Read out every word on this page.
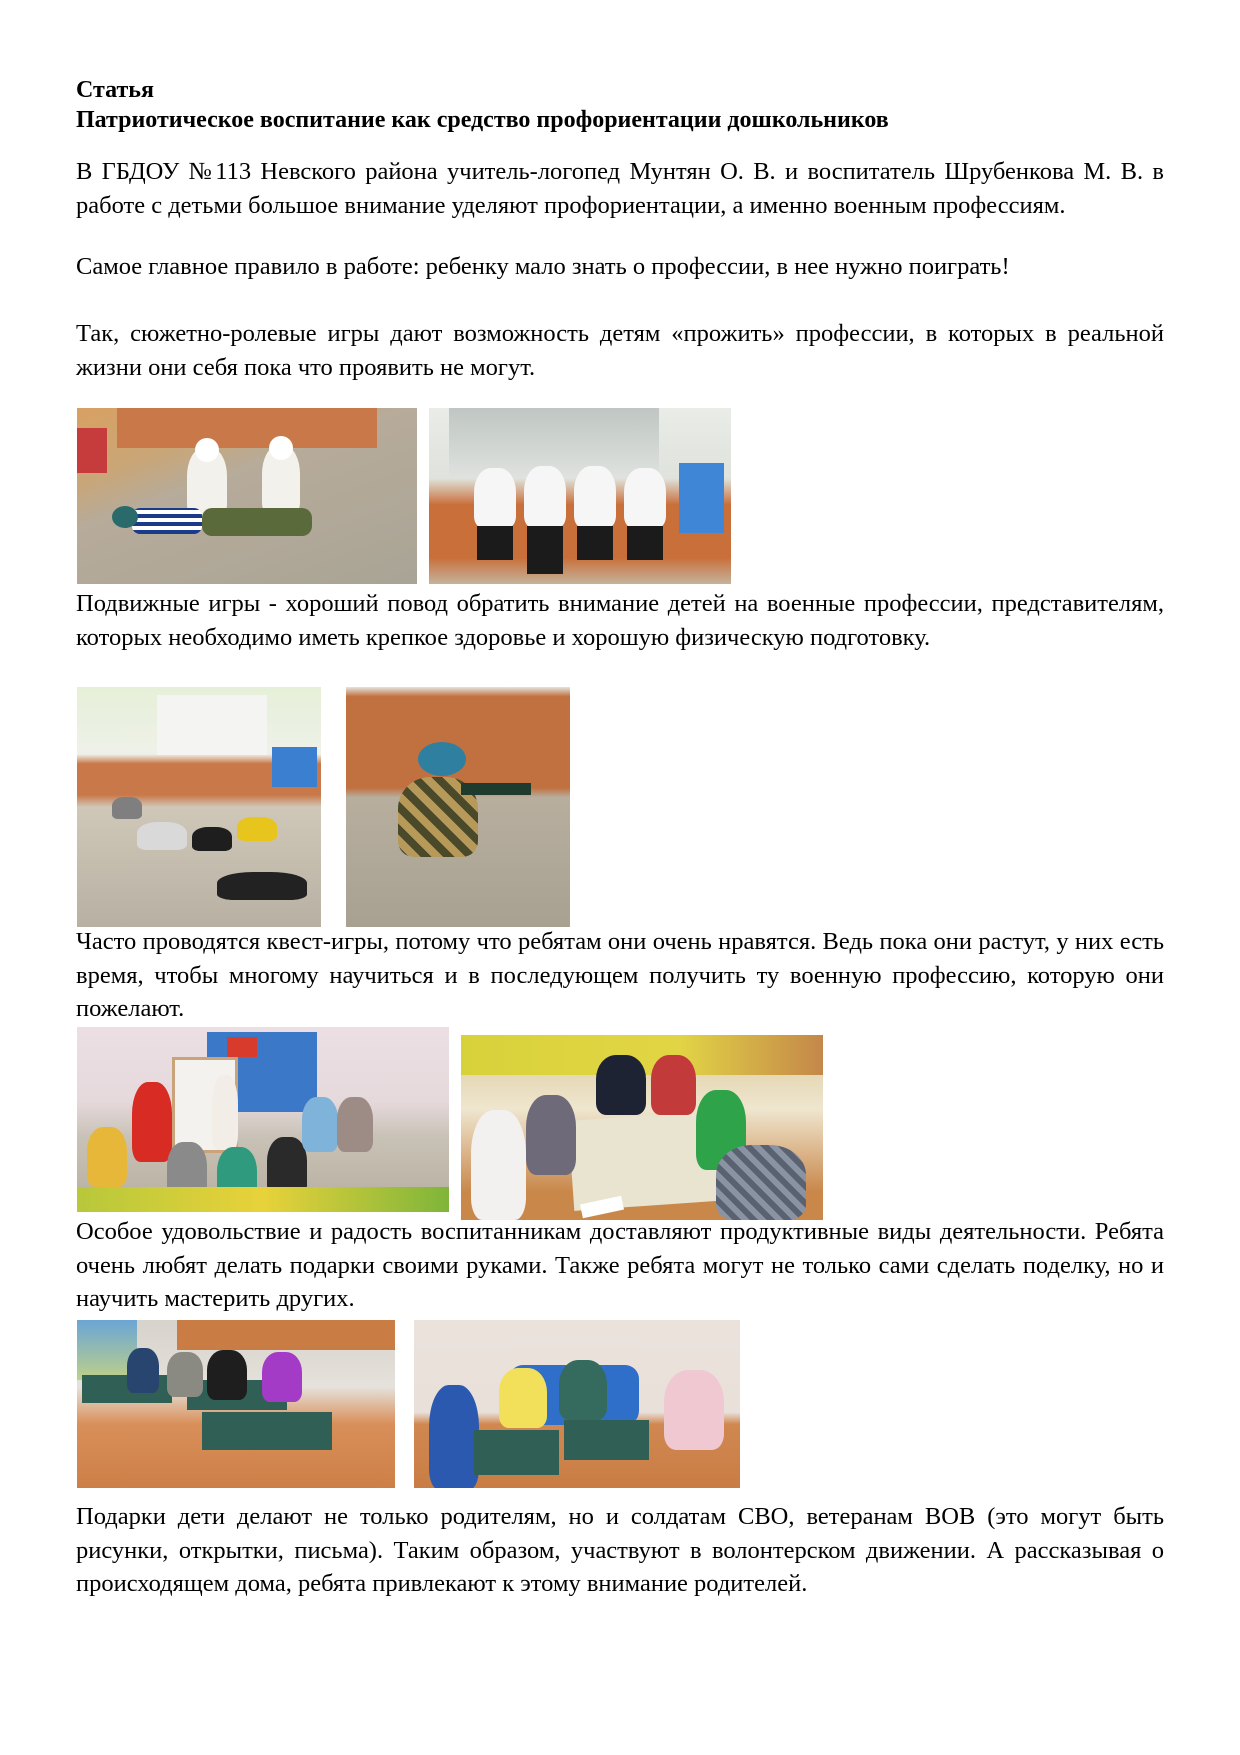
Статья
Патриотическое воспитание как средство профориентации дошкольников
В ГБДОУ №113 Невского района учитель-логопед Мунтян О. В. и воспитатель Шрубенкова М. В. в работе с детьми большое внимание уделяют профориентации, а именно военным профессиям.
Самое главное правило в работе: ребенку мало знать о профессии, в нее нужно поиграть!
Так, сюжетно-ролевые игры дают возможность детям «прожить» профессии, в которых в реальной жизни они себя пока что проявить не могут.
Подвижные игры - хороший повод обратить внимание детей на военные профессии, представителям, которых необходимо иметь крепкое здоровье и хорошую физическую подготовку.
Часто проводятся квест-игры, потому что ребятам они очень нравятся. Ведь пока они растут, у них есть время, чтобы многому научиться и в последующем получить ту военную профессию, которую они пожелают.
Особое удовольствие и радость воспитанникам доставляют продуктивные виды деятельности. Ребята очень любят делать подарки своими руками. Также ребята могут не только сами сделать поделку, но и научить мастерить других.
Подарки дети делают не только родителям, но и солдатам СВО, ветеранам ВОВ (это могут быть рисунки, открытки, письма). Таким образом, участвуют в волонтерском движении. А рассказывая о происходящем дома, ребята привлекают к этому внимание родителей.
